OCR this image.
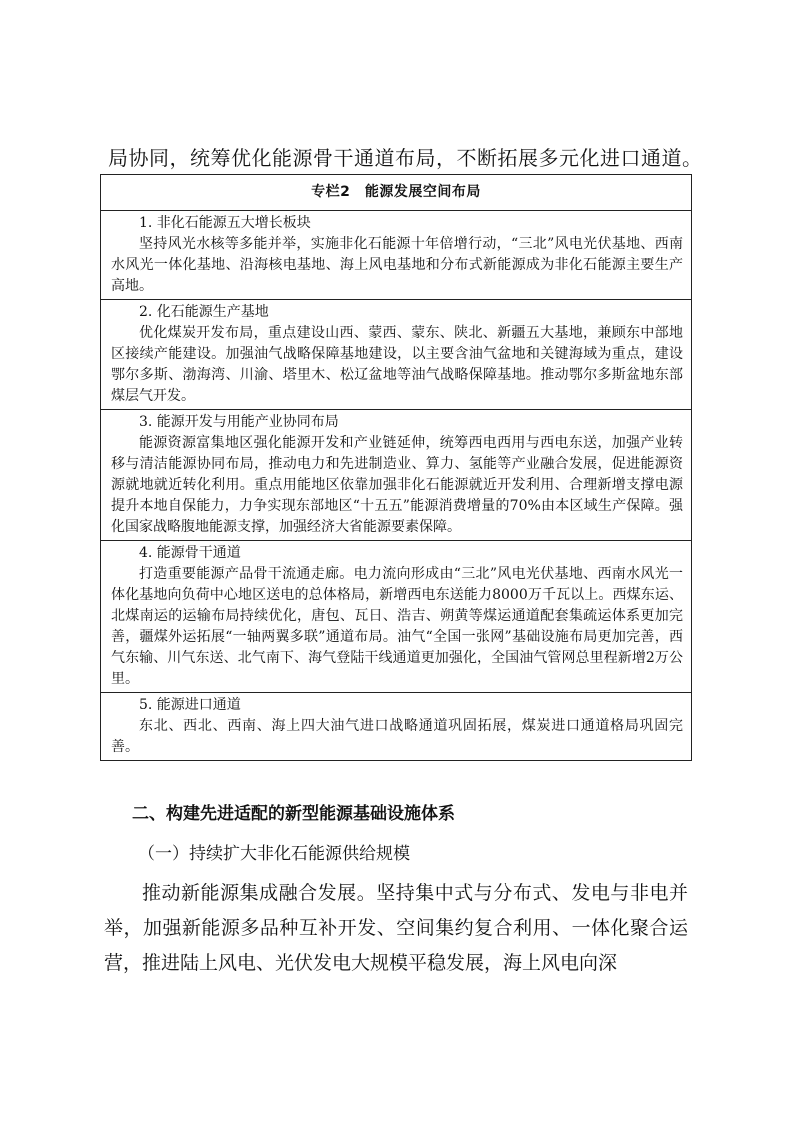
局协同，统筹优化能源骨干通道布局，不断拓展多元化进口通道。
专栏2　能源发展空间布局
1. 非化石能源五大增长板块

坚持风光水核等多能并举，实施非化石能源十年倍增行动，“三北”风电光伏基地、西南水风光一体化基地、沿海核电基地、海上风电基地和分布式新能源成为非化石能源主要生产高地。

2. 化石能源生产基地

优化煤炭开发布局，重点建设山西、蒙西、蒙东、陕北、新疆五大基地，兼顾东中部地区接续产能建设。加强油气战略保障基地建设，以主要含油气盆地和关键海域为重点，建设鄂尔多斯、渤海湾、川渝、塔里木、松辽盆地等油气战略保障基地。推动鄂尔多斯盆地东部煤层气开发。

3. 能源开发与用能产业协同布局

能源资源富集地区强化能源开发和产业链延伸，统筹西电西用与西电东送，加强产业转移与清洁能源协同布局，推动电力和先进制造业、算力、氢能等产业融合发展，促进能源资源就地就近转化利用。重点用能地区依靠加强非化石能源就近开发利用、合理新增支撑电源提升本地自保能力，力争实现东部地区“十五五”能源消费增量的70%由本区域生产保障。强化国家战略腹地能源支撑，加强经济大省能源要素保障。

4. 能源骨干通道

打造重要能源产品骨干流通走廊。电力流向形成由“三北”风电光伏基地、西南水风光一体化基地向负荷中心地区送电的总体格局，新增西电东送能力8000万千瓦以上。西煤东运、北煤南运的运输布局持续优化，唐包、瓦日、浩吉、朔黄等煤运通道配套集疏运体系更加完善，疆煤外运拓展“一轴两翼多联”通道布局。油气“全国一张网”基础设施布局更加完善，西气东输、川气东送、北气南下、海气登陆干线通道更加强化，全国油气管网总里程新增2万公里。

5. 能源进口通道

东北、西北、西南、海上四大油气进口战略通道巩固拓展，煤炭进口通道格局巩固完善。

二、构建先进适配的新型能源基础设施体系
（一）持续扩大非化石能源供给规模

推动新能源集成融合发展。坚持集中式与分布式、发电与非电并举，加强新能源多品种互补开发、空间集约复合利用、一体化聚合运营，推进陆上风电、光伏发电大规模平稳发展，海上风电向深
